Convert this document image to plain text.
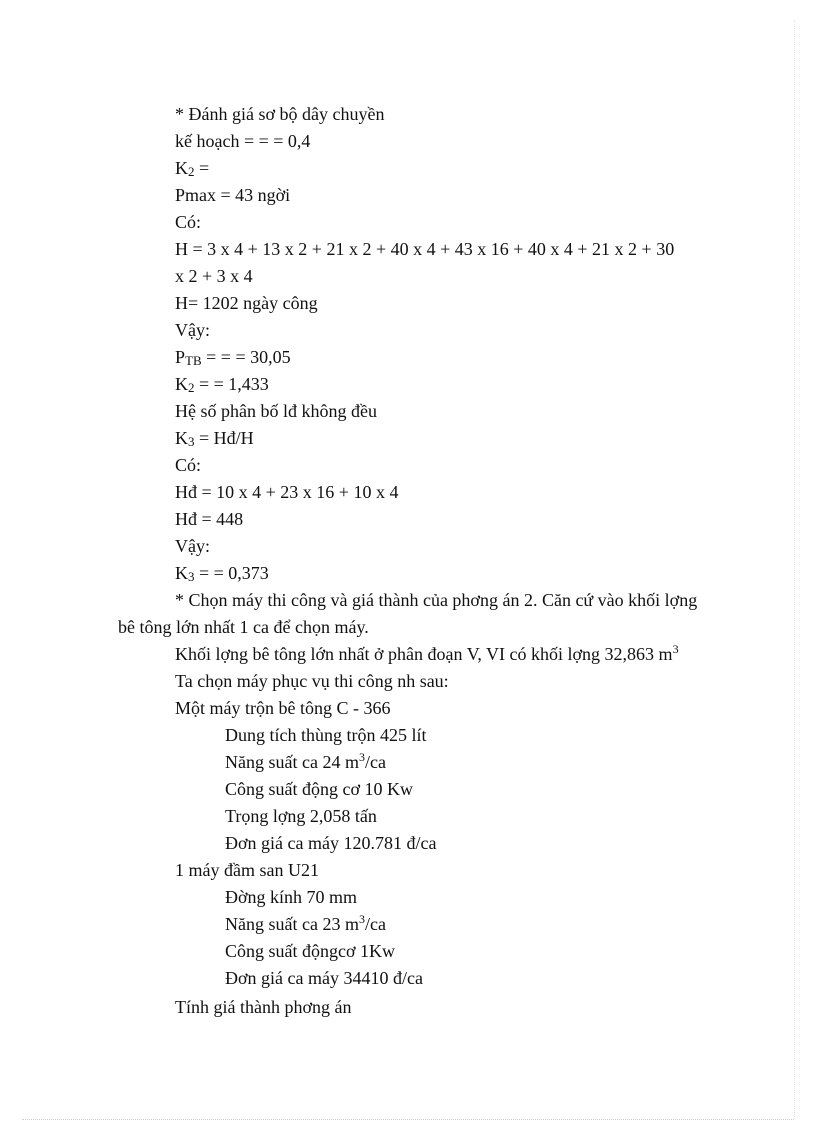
* Đánh giá sơ bộ dây chuyền
kế hoạch = = = 0,4
K2 =
Pmax = 43 ngời
Có:
H = 3 x 4 + 13 x 2 + 21 x 2 + 40 x 4 + 43 x 16 + 40 x 4 + 21 x 2 + 30
x 2 + 3 x 4
H= 1202 ngày công
Vậy:
PTB = = = 30,05
K2 = = 1,433
Hệ số phân bố lđ không đều
K3 = Hđ/H
Có:
Hđ = 10 x 4 + 23 x 16 + 10 x 4
Hđ = 448
Vậy:
K3 = = 0,373
* Chọn máy thi công và giá thành của phơng án 2. Căn cứ vào khối lợng
bê tông lớn nhất 1 ca để chọn máy.
Khối lợng bê tông lớn nhất ở phân đoạn V, VI có khối lợng 32,863 $m^3$
Ta chọn máy phục vụ thi công nh sau:
Một máy trộn bê tông C - 366
Dung tích thùng trộn 425 lít
Năng suất ca 24 $m^3/ca$
Công suất động cơ 10 Kw
Trọng lợng 2,058 tấn
Đơn giá ca máy 120.781 đ/ca
1 máy đầm san U21
Đờng kính 70 mm
Năng suất ca 23 $m^3/ca$
Công suất độngcơ 1Kw
Đơn giá ca máy 34410 đ/ca
Tính giá thành phơng án
